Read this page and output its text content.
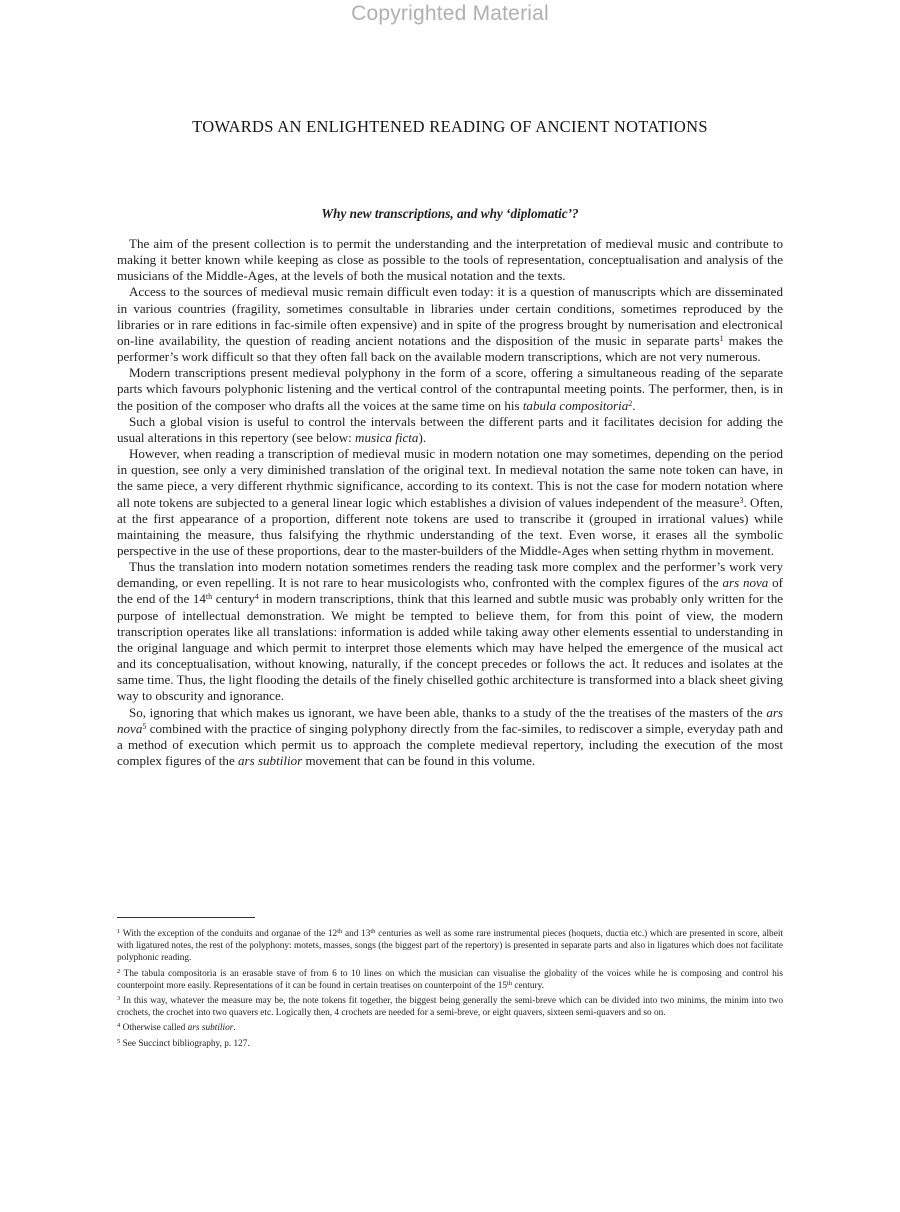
Copyrighted Material
TOWARDS AN ENLIGHTENED READING OF ANCIENT NOTATIONS
Why new transcriptions, and why ‘diplomatic’?

The aim of the present collection is to permit the understanding and the interpretation of medieval music and contribute to making it better known while keeping as close as possible to the tools of representation, conceptualisation and analysis of the musicians of the Middle-Ages, at the levels of both the musical notation and the texts.

Access to the sources of medieval music remain difficult even today: it is a question of manuscripts which are disseminated in various countries (fragility, sometimes consultable in libraries under certain conditions, sometimes reproduced by the libraries or in rare editions in fac-simile often expensive) and in spite of the progress brought by numerisation and electronical on-line availability, the question of reading ancient notations and the disposition of the music in separate parts$^1$ makes the performer’s work difficult so that they often fall back on the available modern transcriptions, which are not very numerous.

Modern transcriptions present medieval polyphony in the form of a score, offering a simultaneous reading of the separate parts which favours polyphonic listening and the vertical control of the contrapuntal meeting points. The performer, then, is in the position of the composer who drafts all the voices at the same time on his tabula compositoria$^2$.

Such a global vision is useful to control the intervals between the different parts and it facilitates decision for adding the usual alterations in this repertory (see below: musica ficta).

However, when reading a transcription of medieval music in modern notation one may sometimes, depending on the period in question, see only a very diminished translation of the original text. In medieval notation the same note token can have, in the same piece, a very different rhythmic significance, according to its context. This is not the case for modern notation where all note tokens are subjected to a general linear logic which establishes a division of values independent of the measure$^3$. Often, at the first appearance of a proportion, different note tokens are used to transcribe it (grouped in irrational values) while maintaining the measure, thus falsifying the rhythmic understanding of the text. Even worse, it erases all the symbolic perspective in the use of these proportions, dear to the master-builders of the Middle-Ages when setting rhythm in movement.

Thus the translation into modern notation sometimes renders the reading task more complex and the performer’s work very demanding, or even repelling. It is not rare to hear musicologists who, confronted with the complex figures of the ars nova of the end of the 14th century$^4$ in modern transcriptions, think that this learned and subtle music was probably only written for the purpose of intellectual demonstration. We might be tempted to believe them, for from this point of view, the modern transcription operates like all translations: information is added while taking away other elements essential to understanding in the original language and which permit to interpret those elements which may have helped the emergence of the musical act and its conceptualisation, without knowing, naturally, if the concept precedes or follows the act. It reduces and isolates at the same time. Thus, the light flooding the details of the finely chiselled gothic architecture is transformed into a black sheet giving way to obscurity and ignorance.

So, ignoring that which makes us ignorant, we have been able, thanks to a study of the the treatises of the masters of the ars nova$^5$ combined with the practice of singing polyphony directly from the fac-similes, to rediscover a simple, everyday path and a method of execution which permit us to approach the complete medieval repertory, including the execution of the most complex figures of the ars subtilior movement that can be found in this volume.

$^1$ With the exception of the conduits and organae of the 12th and 13th centuries as well as some rare instrumental pieces (hoquets, ductia etc.) which are presented in score, albeit with ligatured notes, the rest of the polyphony: motets, masses, songs (the biggest part of the repertory) is presented in separate parts and also in ligatures which does not facilitate polyphonic reading.

$^2$ The tabula compositoria is an erasable stave of from 6 to 10 lines on which the musician can visualise the globality of the voices while he is composing and control his counterpoint more easily. Representations of it can be found in certain treatises on counterpoint of the 15th century.

$^3$ In this way, whatever the measure may be, the note tokens fit together, the biggest being generally the semi-breve which can be divided into two minims, the minim into two crochets, the crochet into two quavers etc. Logically then, 4 crochets are needed for a semi-breve, or eight quavers, sixteen semi-quavers and so on.

$^4$ Otherwise called ars subtilior.

$^5$ See Succinct bibliography, p. 127.
